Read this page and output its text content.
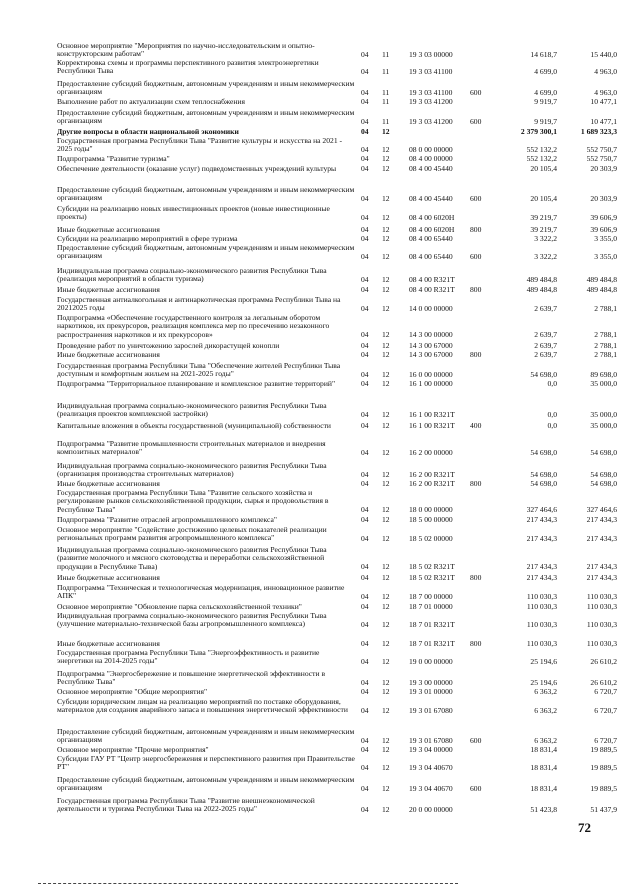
Основное мероприятие "Мероприятия по научно-исследовательским и опытно-конструкторским работам"	04 11	19 3 03 00000	14 618,7	15 440,0
Корректировка схемы и программы перспективного развития электроэнергетики Республики Тыва	04 11	19 3 03 41100	4 699,0	4 963,0
Предоставление субсидий бюджетным, автономным учреждениям и иным некоммерческим организациям	04 11	19 3 03 41100 600	4 699,0	4 963,0
Выполнение работ по актуализации схем теплоснабжения	04 11	19 3 03 41200	9 919,7	10 477,1
Предоставление субсидий бюджетным, автономным учреждениям и иным некоммерческим организациям	04 11	19 3 03 41200 600	9 919,7	10 477,1
Другие вопросы в области национальной экономики	04 12	2 379 300,1	1 689 323,3
Государственная программа Республики Тыва "Развитие культуры и искусства на 2021 - 2025 годы"	04 12	08 0 00 00000	552 132,2	552 750,7
Подпрограмма "Развитие туризма"	04 12	08 4 00 00000	552 132,2	552 750,7
Обеспечение деятельности (оказание услуг) подведомственных учреждений культуры	04 12	08 4 00 45440	20 105,4	20 303,9
Предоставление субсидий бюджетным, автономным учреждениям и иным некоммерческим организациям	04 12	08 4 00 45440 600	20 105,4	20 303,9
Субсидии на реализацию новых инвестиционных проектов (новые инвестиционные проекты)	04 12	08 4 00 6020Н	39 219,7	39 606,9
Иные бюджетные ассигнования	04 12	08 4 00 6020Н 800	39 219,7	39 606,9
Субсидии на реализацию мероприятий в сфере туризма	04 12	08 4 00 65440	3 322,2	3 355,0
Предоставление субсидий бюджетным, автономным учреждениям и иным некоммерческим организациям	04 12	08 4 00 65440 600	3 322,2	3 355,0
Индивидуальная программа социально-экономического развития Республики Тыва (реализация мероприятий в области туризма)	04 12	08 4 00 R321Т	489 484,8	489 484,8
Иные бюджетные ассигнования	04 12	08 4 00 R321Т 800	489 484,8	489 484,8
Государственная антиалкогольная и антинаркотическая программа Республики Тыва на 20212025 годы	04 12	14 0 00 00000	2 639,7	2 788,1
Подпрограмма «Обеспечение государственного контроля за легальным оборотом наркотиков, их прекурсоров, реализация комплекса мер по пресечению незаконного распространения наркотиков и их прекурсоров»	04 12	14 3 00 00000	2 639,7	2 788,1
Проведение работ по уничтожению зарослей дикорастущей конопли	04 12	14 3 00 67000	2 639,7	2 788,1
Иные бюджетные ассигнования	04 12	14 3 00 67000 800	2 639,7	2 788,1
Государственная программа Республики Тыва "Обеспечение жителей Республики Тыва доступным и комфортным жильем на 2021-2025 годы"	04 12	16 0 00 00000	54 698,0	89 698,0
Подпрограмма "Территориальное планирование и комплексное развитие территорий"	04 12	16 1 00 00000	0,0	35 000,0
Индивидуальная программа социально-экономического развития Республики Тыва (реализация проектов комплексной застройки)	04 12	16 1 00 R321Т	0,0	35 000,0
Капитальные вложения в объекты государственной (муниципальной) собственности	04 12	16 1 00 R321Т 400	0,0	35 000,0
Подпрограмма "Развитие промышленности строительных материалов и внедрения композитных материалов"	04 12	16 2 00 00000	54 698,0	54 698,0
Индивидуальная программа социально-экономического развития Республики Тыва (организация производства строительных материалов)	04 12	16 2 00 R321Т	54 698,0	54 698,0
Иные бюджетные ассигнования	04 12	16 2 00 R321Т 800	54 698,0	54 698,0
Государственная программа Республики Тыва "Развитие сельского хозяйства и регулирование рынков сельскохозяйственной продукции, сырья и продовольствия в Республике Тыва"	04 12	18 0 00 00000	327 464,6	327 464,6
Подпрограмма "Развитие отраслей агропромышленного комплекса"	04 12	18 5 00 00000	217 434,3	217 434,3
Основное мероприятие "Содействие достижению целевых показателей реализации региональных программ развития агропромышленного комплекса"	04 12	18 5 02 00000	217 434,3	217 434,3
Индивидуальная программа социально-экономического развития Республики Тыва (развитие молочного и мясного скотоводства и переработки сельскохозяйственной продукции в Республике Тыва)	04 12	18 5 02 R321Т	217 434,3	217 434,3
Иные бюджетные ассигнования	04 12	18 5 02 R321Т 800	217 434,3	217 434,3
Подпрограмма "Техническая и технологическая модернизация, инновационное развитие АПК"	04 12	18 7 00 00000	110 030,3	110 030,3
Основное мероприятие "Обновление парка сельскохозяйственной техники"	04 12	18 7 01 00000	110 030,3	110 030,3
Индивидуальная программа социально-экономического развития Республики Тыва (улучшение материально-технической базы агропромышленного комплекса)	04 12	18 7 01 R321Т	110 030,3	110 030,3
Иные бюджетные ассигнования	04 12	18 7 01 R321Т 800	110 030,3	110 030,3
Государственная программа Республики Тыва "Энергоэффективность и развитие энергетики на 2014-2025 годы"	04 12	19 0 00 00000	25 194,6	26 610,2
Подпрограмма "Энергосбережение и повышение энергетической эффективности в Республике Тыва"	04 12	19 3 00 00000	25 194,6	26 610,2
Основное мероприятие "Общие мероприятия"	04 12	19 3 01 00000	6 363,2	6 720,7
Субсидии юридическим лицам на реализацию мероприятий по поставке оборудования, материалов для создания аварийного запаса и повышения энергетической эффективности	04 12	19 3 01 67080	6 363,2	6 720,7
Предоставление субсидий бюджетным, автономным учреждениям и иным некоммерческим организациям	04 12	19 3 01 67080 600	6 363,2	6 720,7
Основное мероприятие "Прочие мероприятия"	04 12	19 3 04 00000	18 831,4	19 889,5
Субсидии ГАУ РТ "Центр энергосбережения и перспективного развития при Правительстве РТ"	04 12	19 3 04 40670	18 831,4	19 889,5
Предоставление субсидий бюджетным, автономным учреждениям и иным некоммерческим организациям	04 12	19 3 04 40670 600	18 831,4	19 889,5
Государственная программа Республики Тыва "Развитие внешнеэкономической деятельности и туризма Республики Тыва на 2022-2025 годы"	04 12	20 0 00 00000	51 423,8	51 437,9
72
